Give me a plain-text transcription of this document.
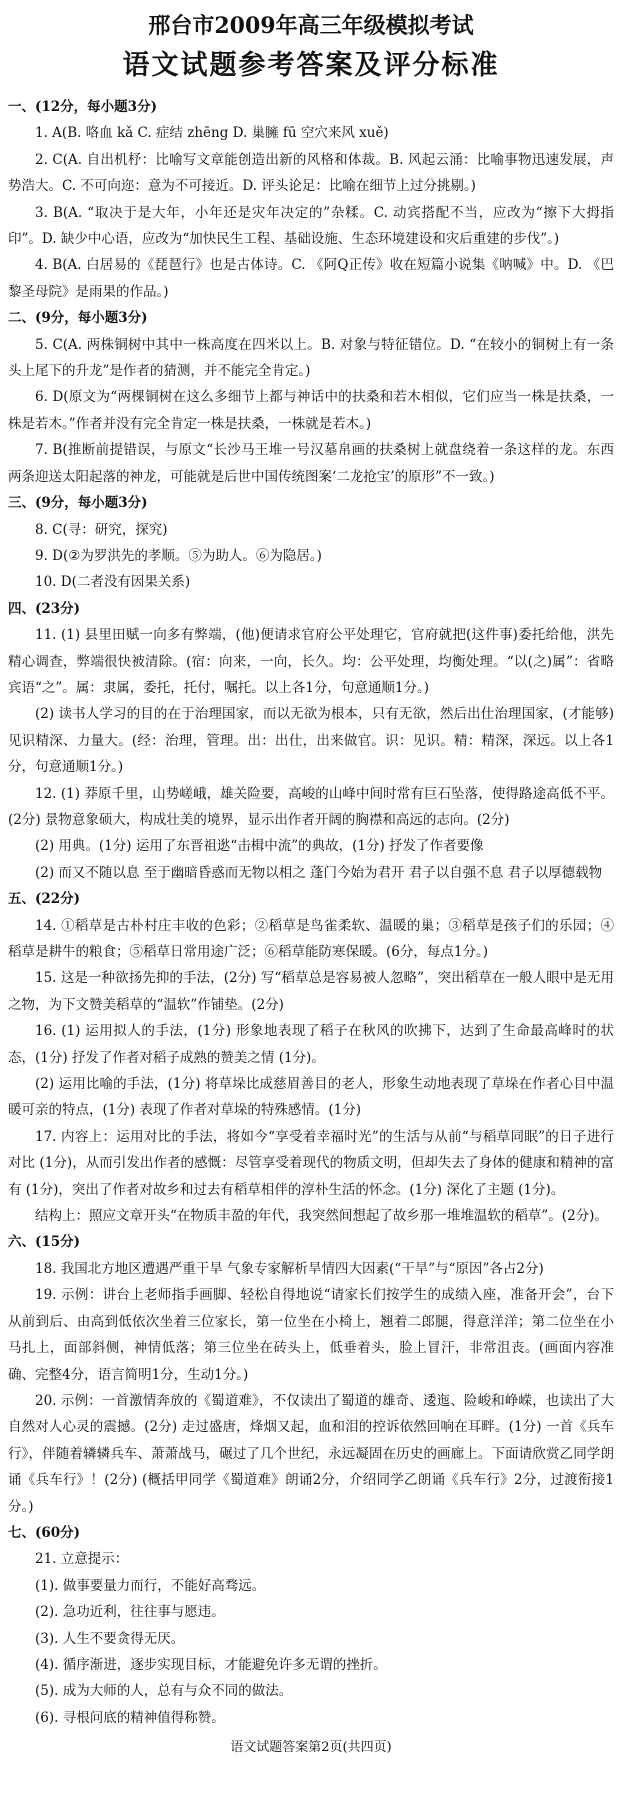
邢台市2009年高三年级模拟考试
语文试题参考答案及评分标准

一、(12分，每小题3分)

1. A(B. 咯血 kǎ C. 症结 zhēng D. 巢臃 fū 空穴来风 xuě)

2. C(A. 自出机杼：比喻写文章能创造出新的风格和体裁。B. 风起云涌：比喻事物迅速发展，声势浩大。C. 不可向迩：意为不可接近。D. 评头论足：比喻在细节上过分挑剔。)

3. B(A. “取决于是大年，小年还是灾年决定的”杂糅。C. 动宾搭配不当，应改为“擦下大拇指印”。D. 缺少中心语，应改为“加快民生工程、基础设施、生态环境建设和灾后重建的步伐”。)

4. B(A. 白居易的《琵琶行》也是古体诗。C. 《阿Q正传》收在短篇小说集《呐喊》中。D. 《巴黎圣母院》是雨果的作品。)

二、(9分，每小题3分)

5. C(A. 两株铜树中其中一株高度在四米以上。B. 对象与特征错位。D. “在较小的铜树上有一条头上尾下的升龙”是作者的猜测，并不能完全肯定。)

6. D(原文为“两棵铜树在这么多细节上都与神话中的扶桑和若木相似，它们应当一株是扶桑，一株是若木。”作者并没有完全肯定一株是扶桑，一株就是若木。)

7. B(推断前提错误，与原文“长沙马王堆一号汉墓帛画的扶桑树上就盘绕着一条这样的龙。东西两条迎送太阳起落的神龙，可能就是后世中国传统图案‘二龙抢宝’的原形”不一致。)

三、(9分，每小题3分)

8. C(寻：研究，探究)

9. D(②为罗洪先的孝顺。⑤为助人。⑥为隐居。)

10. D(二者没有因果关系)

四、(23分)

11. (1) 县里田赋一向多有弊端，(他)便请求官府公平处理它，官府就把(这件事)委托给他，洪先精心调查，弊端很快被清除。(宿：向来，一向，长久。均：公平处理，均衡处理。“以(之)属”：省略宾语“之”。属：隶属，委托，托付，嘱托。以上各1分，句意通顺1分。)

(2) 读书人学习的目的在于治理国家，而以无欲为根本，只有无欲，然后出仕治理国家，(才能够)见识精深、力量大。(经：治理，管理。出：出仕，出来做官。识：见识。精：精深，深远。以上各1分，句意通顺1分。)

12. (1) 莽原千里，山势嵯峨，雄关险要，高峻的山峰中间时常有巨石坠落，使得路途高低不平。(2分) 景物意象硕大，构成壮美的境界，显示出作者开阔的胸襟和高远的志向。(2分)

(2) 用典。(1分) 运用了东晋祖逖“击楫中流”的典故，(1分) 抒发了作者要像

(2) 而又不随以息 至于幽暗昏惑而无物以相之 蓬门今始为君开 君子以自强不息 君子以厚德载物

五、(22分)

14. ①稻草是古朴村庄丰收的色彩；②稻草是鸟雀柔软、温暖的巢；③稻草是孩子们的乐园；④稻草是耕牛的粮食；⑤稻草日常用途广泛；⑥稻草能防寒保暖。(6分，每点1分。)

15. 这是一种欲扬先抑的手法，(2分) 写“稻草总是容易被人忽略”，突出稻草在一般人眼中是无用之物，为下文赞美稻草的“温软”作铺垫。(2分)

16. (1) 运用拟人的手法，(1分) 形象地表现了稻子在秋风的吹拂下，达到了生命最高峰时的状态，(1分) 抒发了作者对稻子成熟的赞美之情 (1分)。

(2) 运用比喻的手法，(1分) 将草垛比成慈眉善目的老人，形象生动地表现了草垛在作者心目中温暖可亲的特点，(1分) 表现了作者对草垛的特殊感情。(1分)

17. 内容上：运用对比的手法，将如今“享受着幸福时光”的生活与从前“与稻草同眠”的日子进行对比 (1分)，从而引发出作者的感慨：尽管享受着现代的物质文明，但却失去了身体的健康和精神的富有 (1分)，突出了作者对故乡和过去有稻草相伴的淳朴生活的怀念。(1分) 深化了主题 (1分)。

结构上：照应文章开头“在物质丰盈的年代，我突然间想起了故乡那一堆堆温软的稻草”。(2分)。

六、(15分)

18. 我国北方地区遭遇严重干旱 气象专家解析旱情四大因素(“干旱”与“原因”各占2分)

19. 示例：讲台上老师指手画脚、轻松自得地说“请家长们按学生的成绩入座，准备开会”，台下从前到后、由高到低依次坐着三位家长，第一位坐在小椅上，翘着二郎腿，得意洋洋；第二位坐在小马扎上，面部斜侧，神情低落；第三位坐在砖头上，低垂着头，脸上冒汗，非常沮丧。(画面内容准确、完整4分，语言简明1分，生动1分。)

20. 示例：一首激情奔放的《蜀道难》，不仅读出了蜀道的雄奇、逶迤、险峻和峥嵘，也读出了大自然对人心灵的震撼。(2分) 走过盛唐，烽烟又起，血和泪的控诉依然回响在耳畔。(1分) 一首《兵车行》，伴随着辚辚兵车、萧萧战马，碾过了几个世纪，永远凝固在历史的画廊上。下面请欣赏乙同学朗诵《兵车行》！(2分) (概括甲同学《蜀道难》朗诵2分，介绍同学乙朗诵《兵车行》2分，过渡衔接1分。)

七、(60分)

21. 立意提示：

(1). 做事要量力而行，不能好高骛远。

(2). 急功近利，往往事与愿违。

(3). 人生不要贪得无厌。

(4). 循序渐进，逐步实现目标，才能避免许多无谓的挫折。

(5). 成为大师的人，总有与众不同的做法。

(6). 寻根问底的精神值得称赞。

语文试题答案第2页(共四页)
